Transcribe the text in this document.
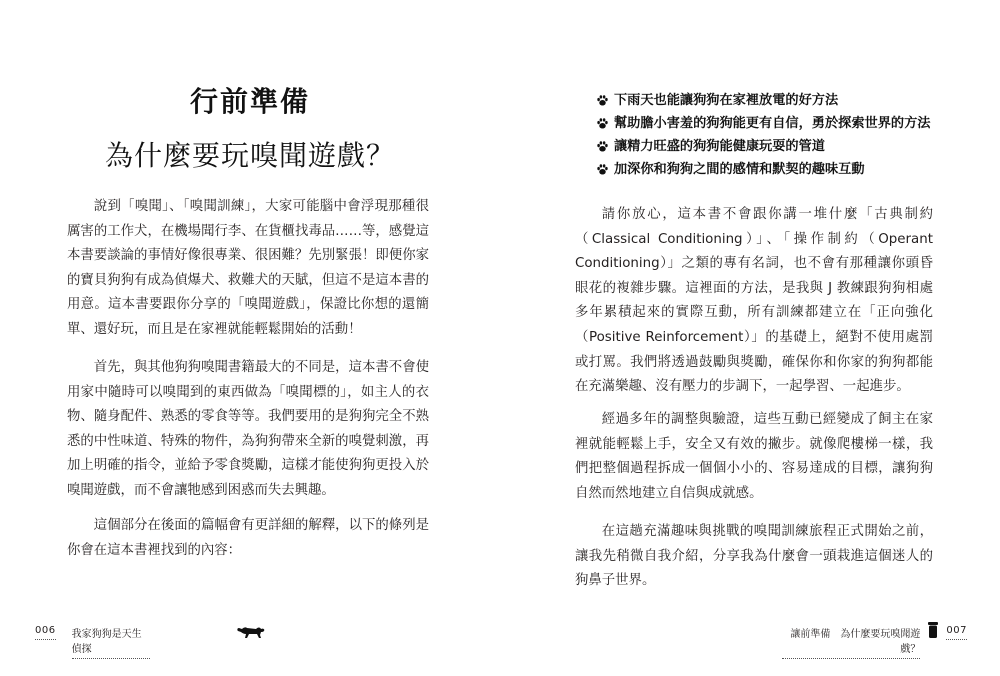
行前準備
為什麼要玩嗅聞遊戲？

說到「嗅聞」、「嗅聞訓練」，大家可能腦中會浮現那種很厲害的工作犬，在機場聞行李、在貨櫃找毒品……等，感覺這本書要談論的事情好像很專業、很困難？先別緊張！即便你家的寶貝狗狗有成為偵爆犬、救難犬的天賦，但這不是這本書的用意。這本書要跟你分享的「嗅聞遊戲」，保證比你想的還簡單、還好玩，而且是在家裡就能輕鬆開始的活動！

首先，與其他狗狗嗅聞書籍最大的不同是，這本書不會使用家中隨時可以嗅聞到的東西做為「嗅聞標的」，如主人的衣物、隨身配件、熟悉的零食等等。我們要用的是狗狗完全不熟悉的中性味道、特殊的物件，為狗狗帶來全新的嗅覺刺激，再加上明確的指令，並給予零食獎勵，這樣才能使狗狗更投入於嗅聞遊戲，而不會讓牠感到困惑而失去興趣。

這個部分在後面的篇幅會有更詳細的解釋，以下的條列是你會在這本書裡找到的內容：

下雨天也能讓狗狗在家裡放電的好方法
幫助膽小害羞的狗狗能更有自信，勇於探索世界的方法
讓精力旺盛的狗狗能健康玩耍的管道
加深你和狗狗之間的感情和默契的趣味互動

請你放心，這本書不會跟你講一堆什麼「古典制約（Classical Conditioning）」、「操作制約（Operant Conditioning）」之類的專有名詞，也不會有那種讓你頭昏眼花的複雜步驟。這裡面的方法，是我與 J 教練跟狗狗相處多年累積起來的實際互動，所有訓練都建立在「正向強化（Positive Reinforcement）」的基礎上，絕對不使用處罰或打罵。我們將透過鼓勵與獎勵，確保你和你家的狗狗都能在充滿樂趣、沒有壓力的步調下，一起學習、一起進步。

經過多年的調整與驗證，這些互動已經變成了飼主在家裡就能輕鬆上手，安全又有效的撇步。就像爬樓梯一樣，我們把整個過程拆成一個個小小的、容易達成的目標，讓狗狗自然而然地建立自信與成就感。

在這趟充滿趣味與挑戰的嗅聞訓練旅程正式開始之前，讓我先稍微自我介紹，分享我為什麼會一頭栽進這個迷人的狗鼻子世界。

006 我家狗狗是天生偵探
讓前準備　為什麼要玩嗅聞遊戲？
007
